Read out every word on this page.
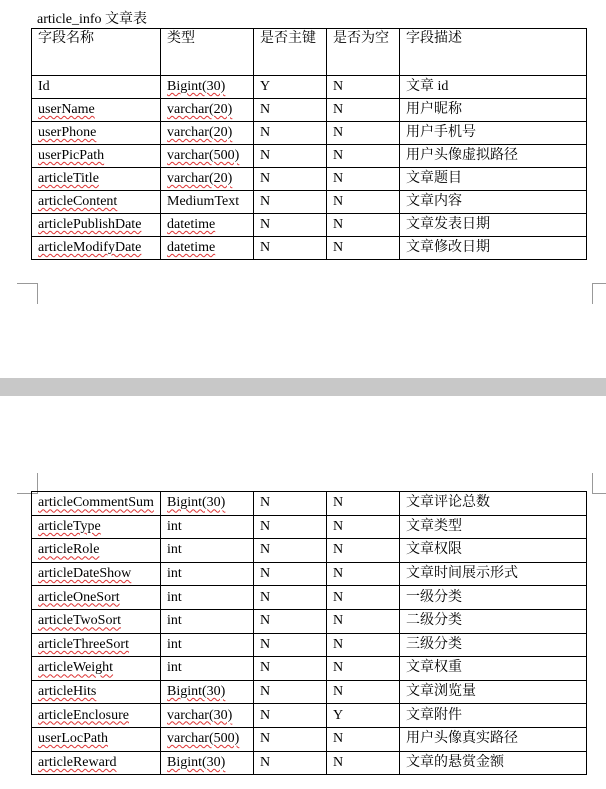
article_info 文章表
字段名称	类型	是否主键	是否为空	字段描述
Id	Bigint(30)	Y	N	文章 id
userName	varchar(20)	N	N	用户昵称
userPhone	varchar(20)	N	N	用户手机号
userPicPath	varchar(500)	N	N	用户头像虚拟路径
articleTitle	varchar(20)	N	N	文章题目
articleContent	MediumText	N	N	文章内容
articlePublishDate	datetime	N	N	文章发表日期
articleModifyDate	datetime	N	N	文章修改日期
articleCommentSum	Bigint(30)	N	N	文章评论总数
articleType	int	N	N	文章类型
articleRole	int	N	N	文章权限
articleDateShow	int	N	N	文章时间展示形式
articleOneSort	int	N	N	一级分类
articleTwoSort	int	N	N	二级分类
articleThreeSort	int	N	N	三级分类
articleWeight	int	N	N	文章权重
articleHits	Bigint(30)	N	N	文章浏览量
articleEnclosure	varchar(30)	N	Y	文章附件
userLocPath	varchar(500)	N	N	用户头像真实路径
articleReward	Bigint(30)	N	N	文章的悬赏金额
